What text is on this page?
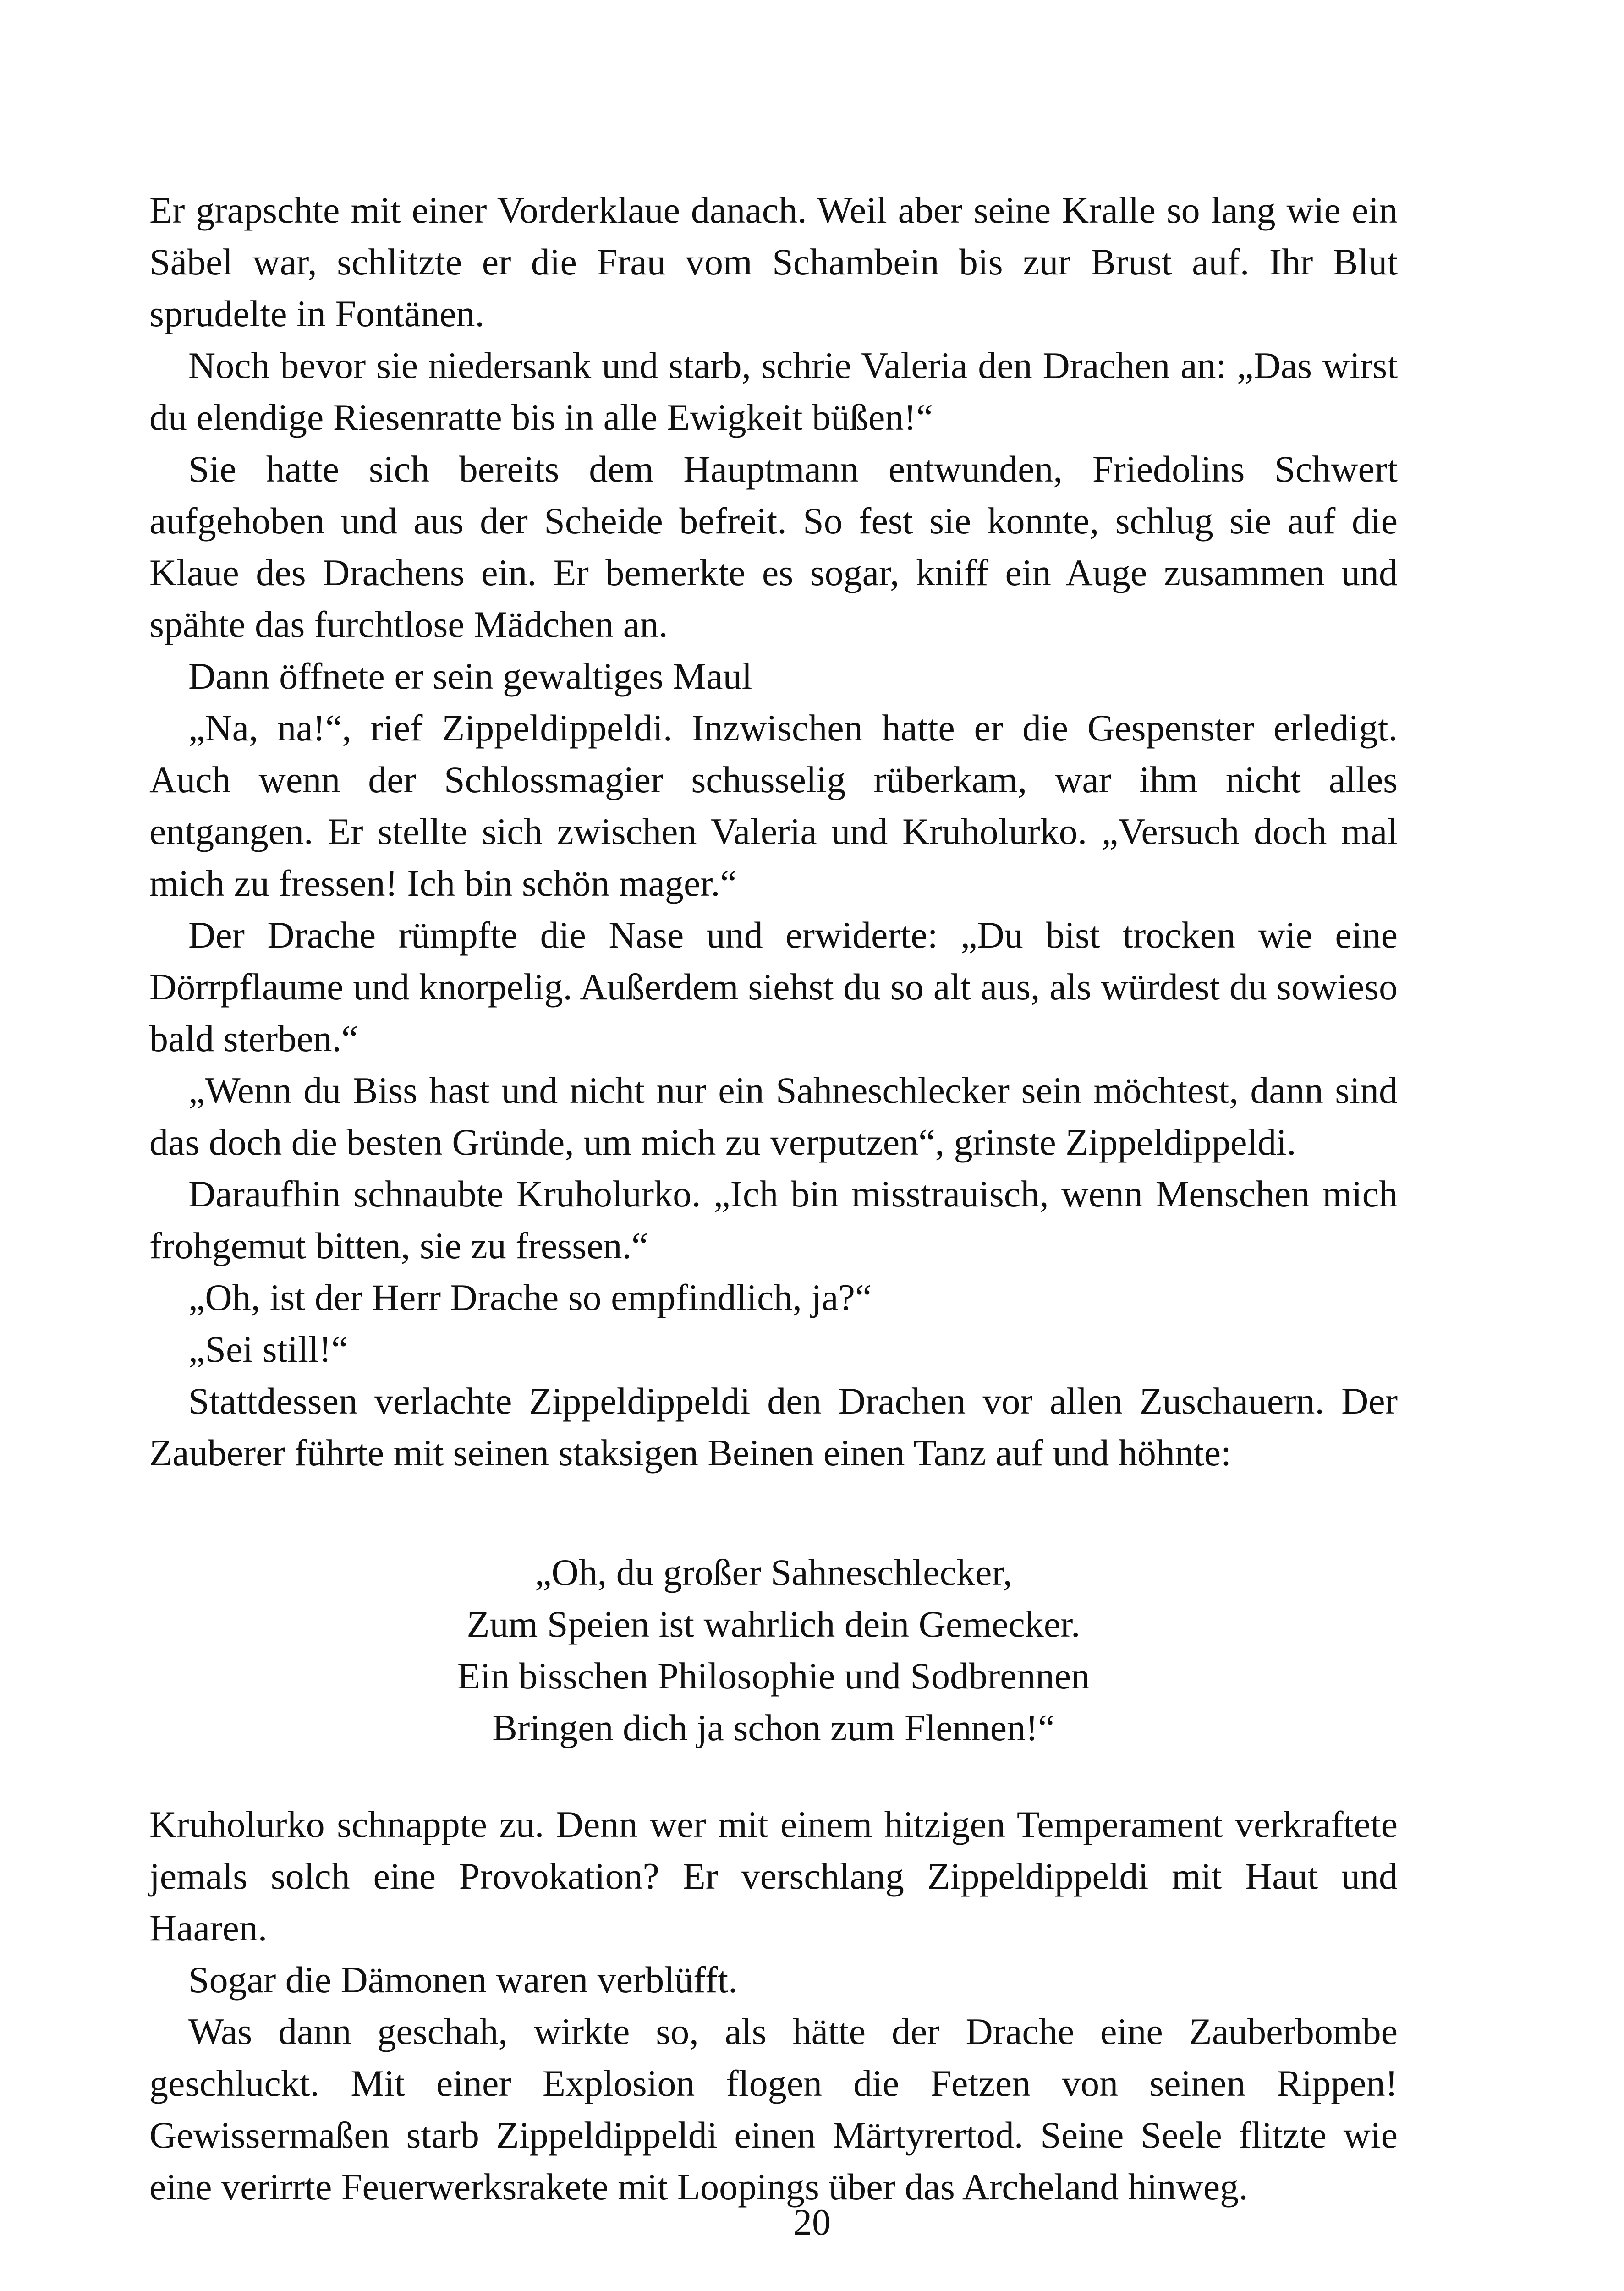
Er grapschte mit einer Vorderklaue danach. Weil aber seine Kralle so lang wie ein Säbel war, schlitzte er die Frau vom Schambein bis zur Brust auf. Ihr Blut sprudelte in Fontänen.

Noch bevor sie niedersank und starb, schrie Valeria den Drachen an: „Das wirst du elendige Riesenratte bis in alle Ewigkeit büßen!“

Sie hatte sich bereits dem Hauptmann entwunden, Friedolins Schwert aufgehoben und aus der Scheide befreit. So fest sie konnte, schlug sie auf die Klaue des Drachens ein. Er bemerkte es sogar, kniff ein Auge zusammen und spähte das furchtlose Mädchen an.

Dann öffnete er sein gewaltiges Maul

„Na, na!“, rief Zippeldippeldi. Inzwischen hatte er die Gespenster erledigt. Auch wenn der Schlossmagier schusselig rüberkam, war ihm nicht alles entgangen. Er stellte sich zwischen Valeria und Kruholurko. „Versuch doch mal mich zu fressen! Ich bin schön mager.“

Der Drache rümpfte die Nase und erwiderte: „Du bist trocken wie eine Dörrpflaume und knorpelig. Außerdem siehst du so alt aus, als würdest du sowieso bald sterben.“

„Wenn du Biss hast und nicht nur ein Sahneschlecker sein möchtest, dann sind das doch die besten Gründe, um mich zu verputzen“, grinste Zippeldippeldi.

Daraufhin schnaubte Kruholurko. „Ich bin misstrauisch, wenn Menschen mich frohgemut bitten, sie zu fressen.“

„Oh, ist der Herr Drache so empfindlich, ja?“

„Sei still!“

Stattdessen verlachte Zippeldippeldi den Drachen vor allen Zuschauern. Der Zauberer führte mit seinen staksigen Beinen einen Tanz auf und höhnte:

„Oh, du großer Sahneschlecker,
Zum Speien ist wahrlich dein Gemecker.
Ein bisschen Philosophie und Sodbrennen
Bringen dich ja schon zum Flennen!“

Kruholurko schnappte zu. Denn wer mit einem hitzigen Temperament verkraftete jemals solch eine Provokation? Er verschlang Zippeldippeldi mit Haut und Haaren.

Sogar die Dämonen waren verblüfft.

Was dann geschah, wirkte so, als hätte der Drache eine Zauberbombe geschluckt. Mit einer Explosion flogen die Fetzen von seinen Rippen! Gewissermaßen starb Zippeldippeldi einen Märtyrertod. Seine Seele flitzte wie eine verirrte Feuerwerksrakete mit Loopings über das Archeland hinweg.

20
